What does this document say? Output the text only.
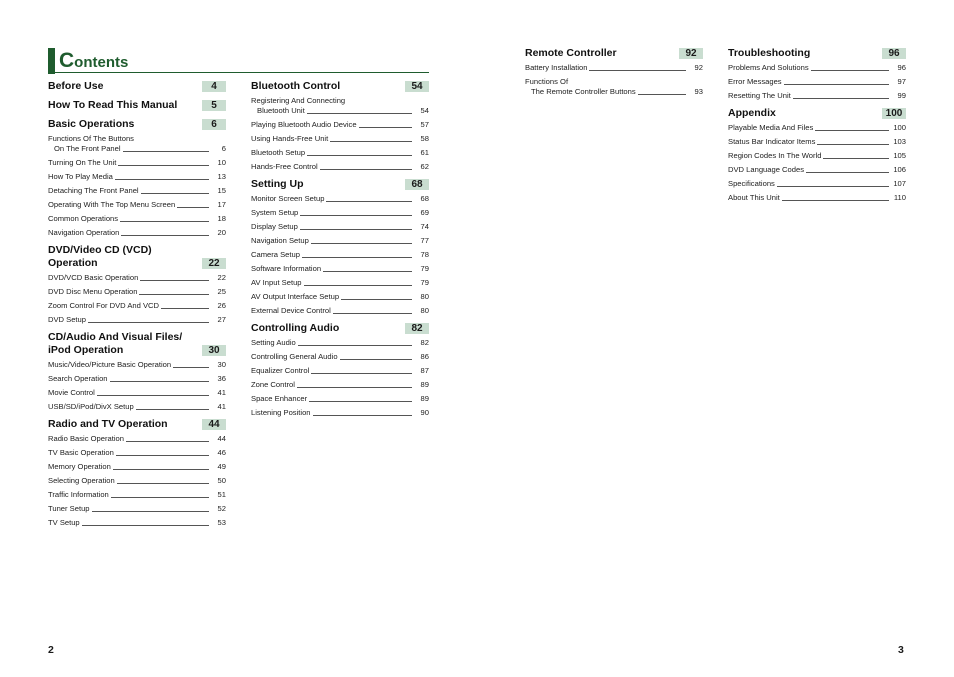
Contents
Before Use	4
How To Read This Manual	5
Basic Operations	6
Functions Of The Buttons
On The Front Panel	6
Turning On The Unit	10
How To Play Media	13
Detaching The Front Panel	15
Operating With The Top Menu Screen	17
Common Operations	18
Navigation Operation	20
DVD/Video CD (VCD)
Operation	22
DVD/VCD Basic Operation	22
DVD Disc Menu Operation	25
Zoom Control For DVD And VCD	26
DVD Setup	27
CD/Audio And Visual Files/
iPod Operation	30
Music/Video/Picture Basic Operation	30
Search Operation	36
Movie Control	41
USB/SD/iPod/DivX Setup	41
Radio and TV Operation	44
Radio Basic Operation	44
TV Basic Operation	46
Memory Operation	49
Selecting Operation	50
Traffic Information	51
Tuner Setup	52
TV Setup	53
Bluetooth Control	54
Registering And Connecting
Bluetooth Unit	54
Playing Bluetooth Audio Device	57
Using Hands-Free Unit	58
Bluetooth Setup	61
Hands-Free Control	62
Setting Up	68
Monitor Screen Setup	68
System Setup	69
Display Setup	74
Navigation Setup	77
Camera Setup	78
Software Information	79
AV Input Setup	79
AV Output Interface Setup	80
External Device Control	80
Controlling Audio	82
Setting Audio	82
Controlling General Audio	86
Equalizer Control	87
Zone Control	89
Space Enhancer	89
Listening Position	90
Remote Controller	92
Battery Installation	92
Functions Of
The Remote Controller Buttons	93
Troubleshooting	96
Problems And Solutions	96
Error Messages	97
Resetting The Unit	99
Appendix	100
Playable Media And Files	100
Status Bar Indicator Items	103
Region Codes In The World	105
DVD Language Codes	106
Specifications	107
About This Unit	110
2	3
